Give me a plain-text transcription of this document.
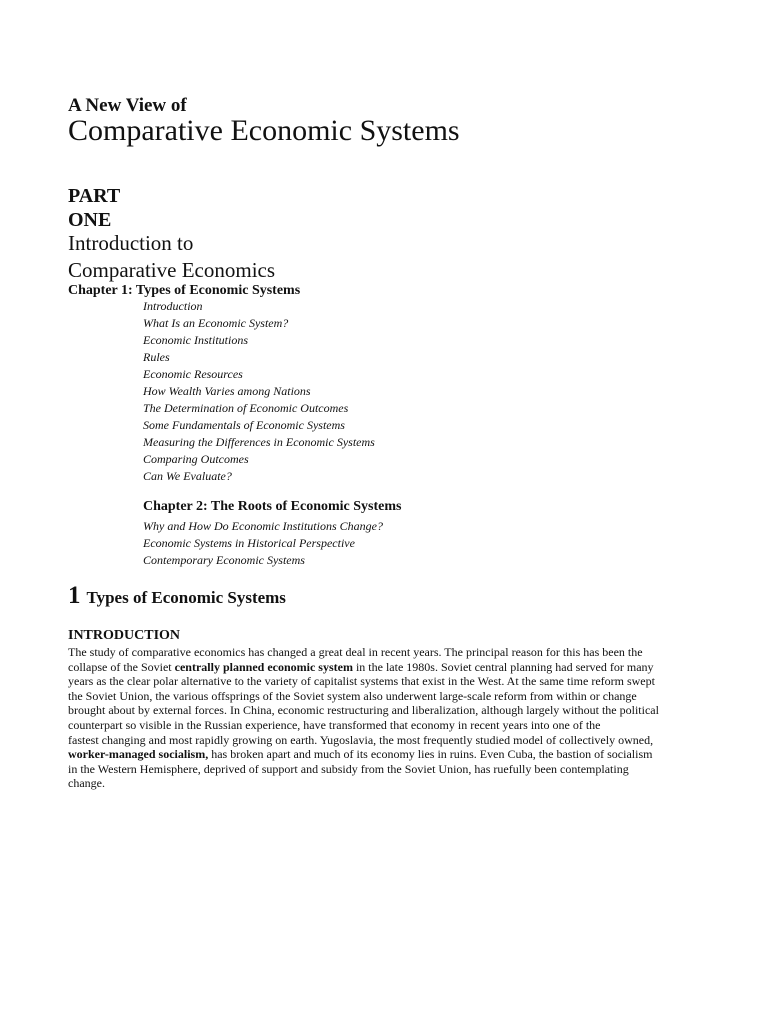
A New View of
Comparative Economic Systems
PART
ONE
Introduction to
Comparative Economics
Chapter 1: Types of Economic Systems
Introduction
What Is an Economic System?
Economic Institutions
Rules
Economic Resources
How Wealth Varies among Nations
The Determination of Economic Outcomes
Some Fundamentals of Economic Systems
Measuring the Differences in Economic Systems
Comparing Outcomes
Can We Evaluate?
Chapter 2: The Roots of Economic Systems
Why and How Do Economic Institutions Change?
Economic Systems in Historical Perspective
Contemporary Economic Systems
1 Types of Economic Systems
INTRODUCTION
The study of comparative economics has changed a great deal in recent years. The principal reason for this has been the
collapse of the Soviet centrally planned economic system in the late 1980s. Soviet central planning had served for many
years as the clear polar alternative to the variety of capitalist systems that exist in the West. At the same time reform swept
the Soviet Union, the various offsprings of the Soviet system also underwent large-scale reform from within or change
brought about by external forces. In China, economic restructuring and liberalization, although largely without the political
counterpart so visible in the Russian experience, have transformed that economy in recent years into one of the
fastest changing and most rapidly growing on earth. Yugoslavia, the most frequently studied model of collectively owned,
worker-managed socialism, has broken apart and much of its economy lies in ruins. Even Cuba, the bastion of socialism
in the Western Hemisphere, deprived of support and subsidy from the Soviet Union, has ruefully been contemplating
change.
